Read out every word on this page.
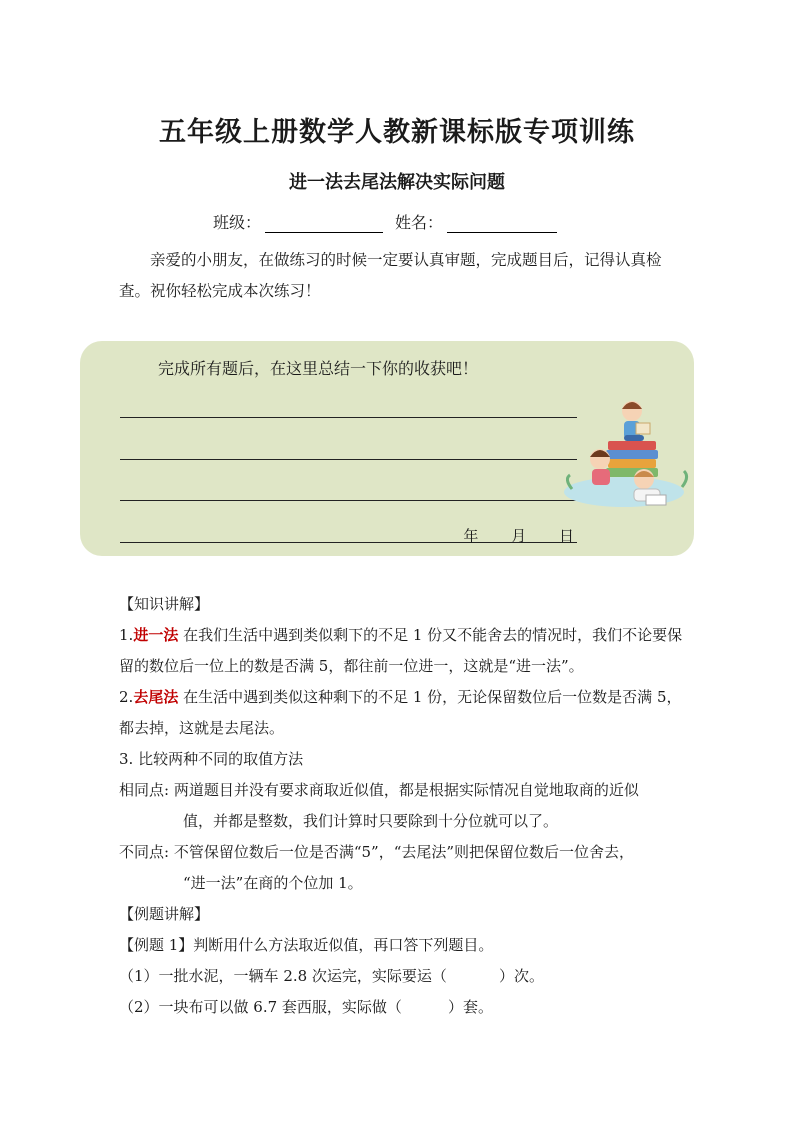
五年级上册数学人教新课标版专项训练
进一法去尾法解决实际问题
班级：	姓名：
亲爱的小朋友，在做练习的时候一定要认真审题，完成题目后，记得认真检查。祝你轻松完成本次练习！
完成所有题后，在这里总结一下你的收获吧！
年 月 日

【知识讲解】

1.进一法 在我们生活中遇到类似剩下的不足 1 份又不能舍去的情况时，我们不论要保留的数位后一位上的数是否满 5，都往前一位进一，这就是“进一法”。

2.去尾法 在生活中遇到类似这种剩下的不足 1 份，无论保留数位后一位数是否满 5，都去掉，这就是去尾法。

3. 比较两种不同的取值方法

相同点: 两道题目并没有要求商取近似值，都是根据实际情况自觉地取商的近似

值，并都是整数，我们计算时只要除到十分位就可以了。

不同点: 不管保留位数后一位是否满“5”，“去尾法”则把保留位数后一位舍去，

“进一法”在商的个位加 1。

【例题讲解】

【例题 1】判断用什么方法取近似值，再口答下列题目。

（1）一批水泥，一辆车 2.8 次运完，实际要运（	）次。

（2）一块布可以做 6.7 套西服，实际做（	）套。
